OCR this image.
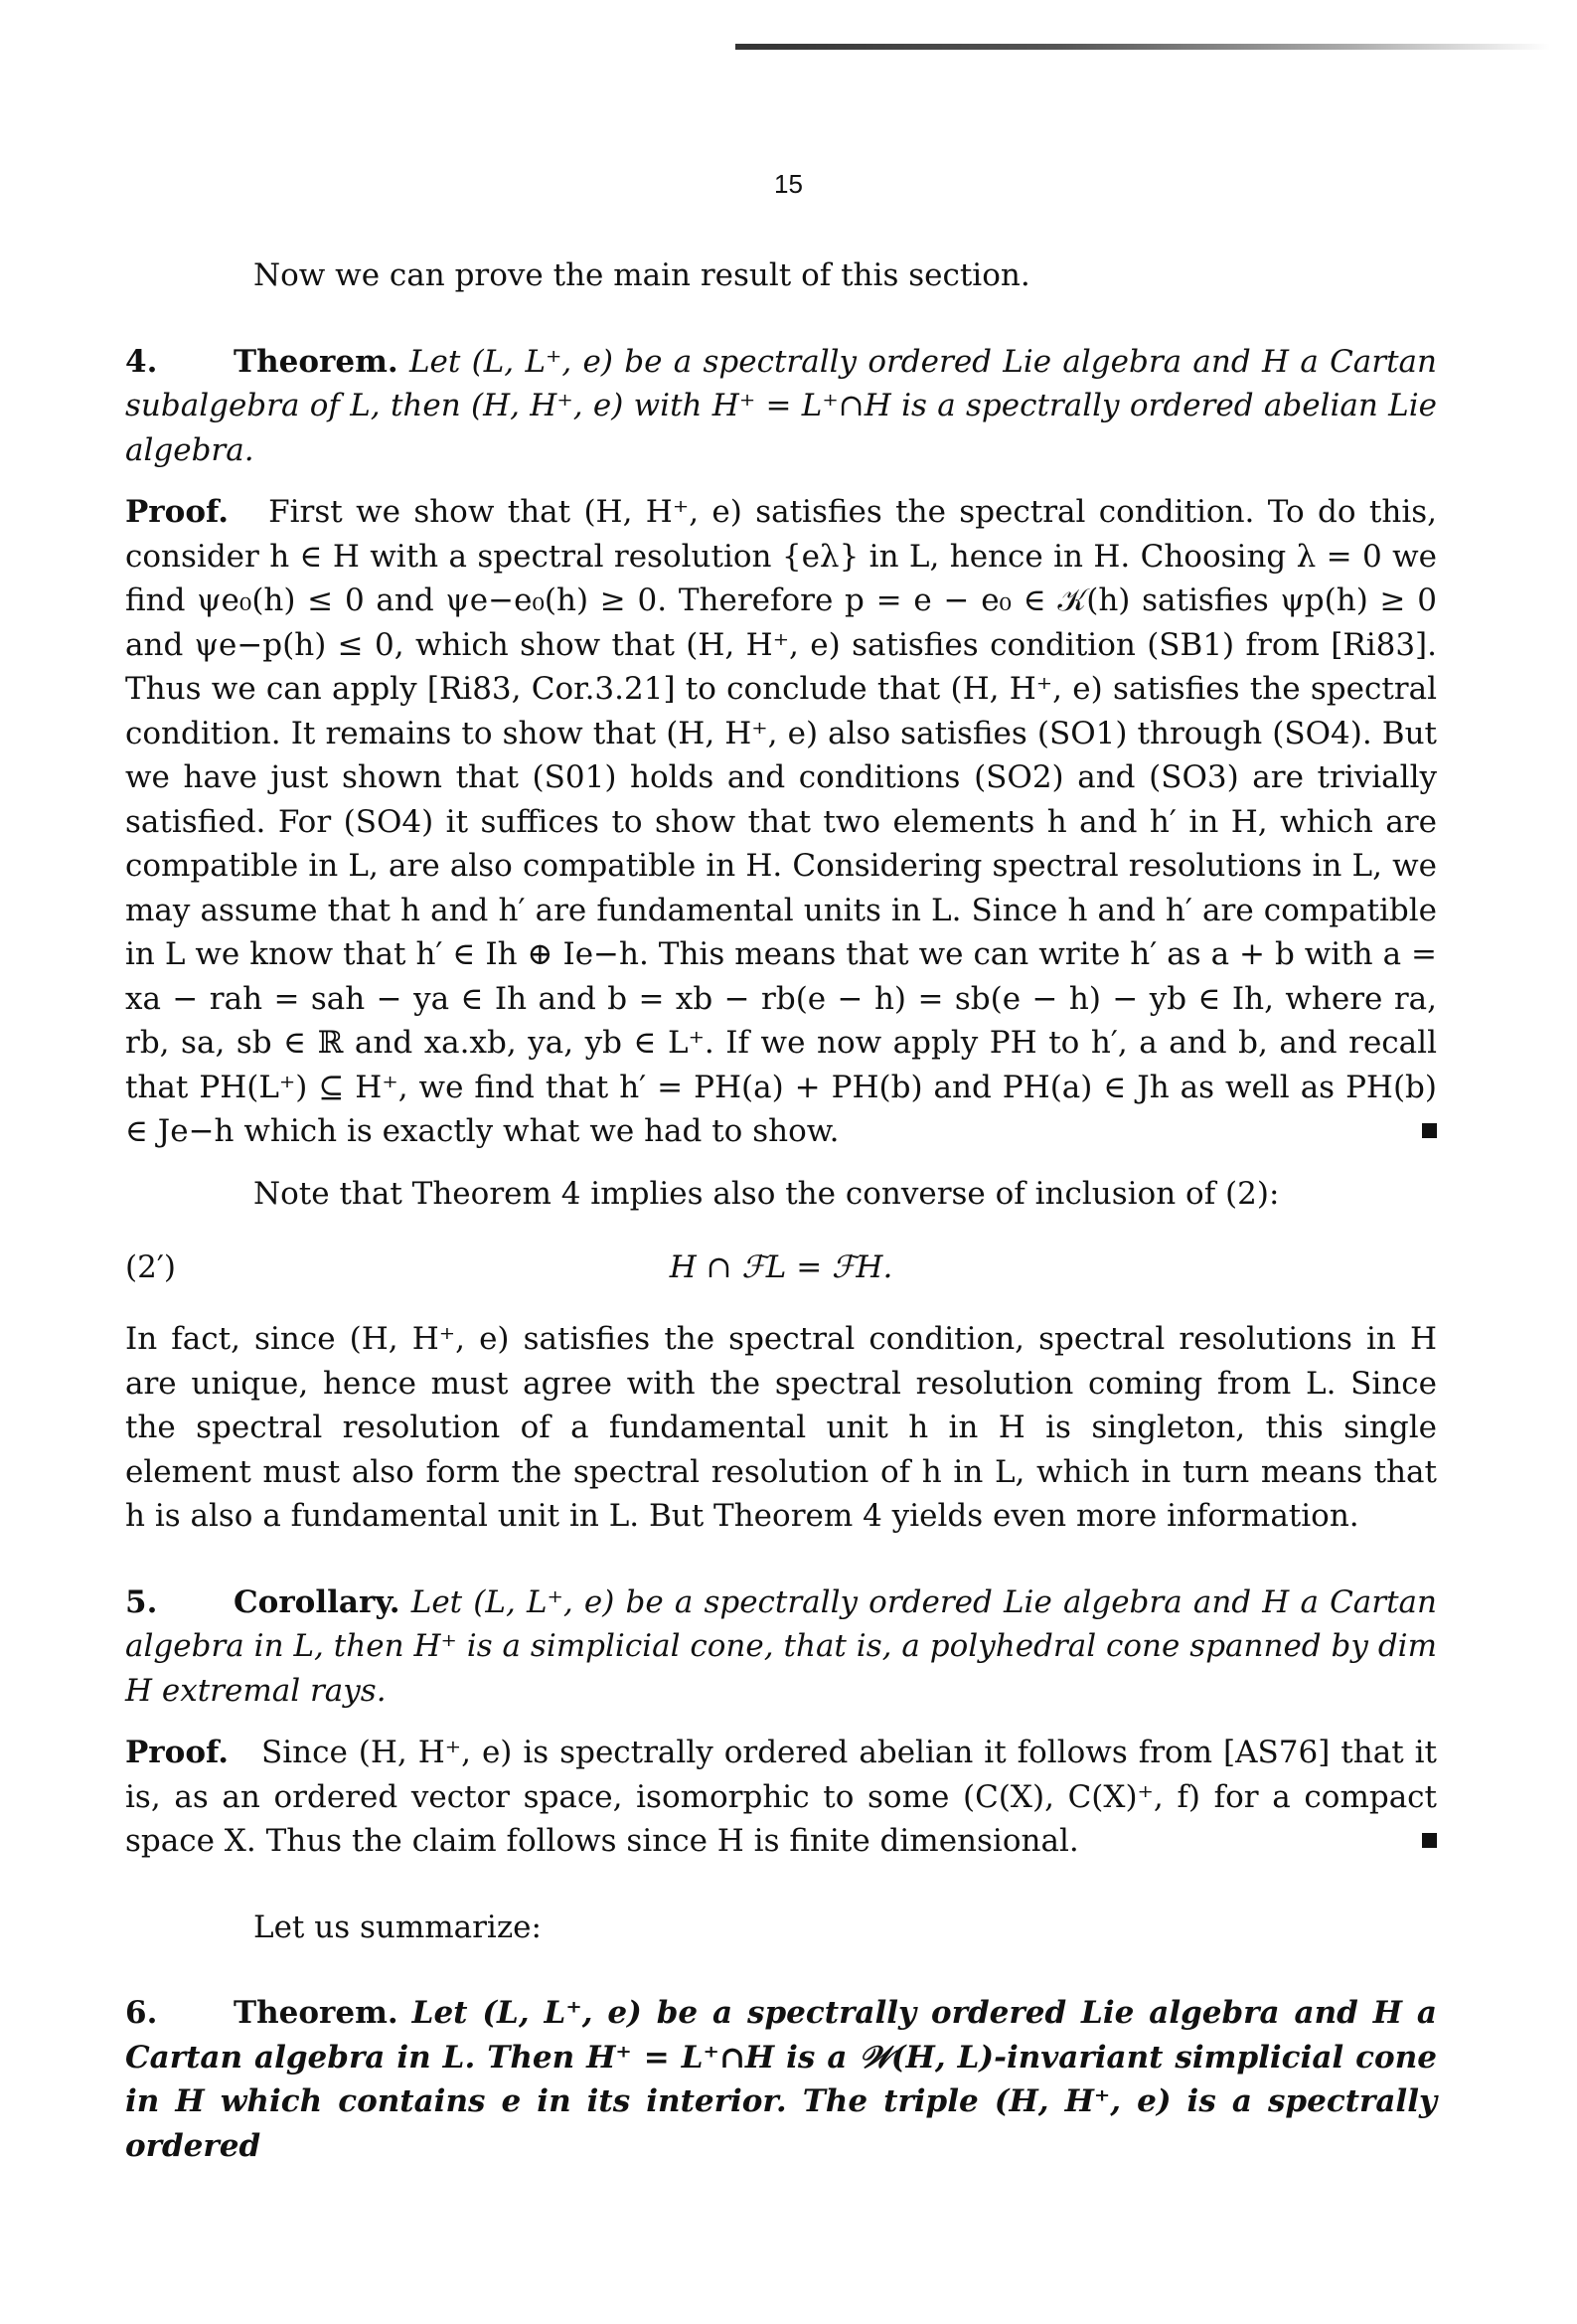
15

Now we can prove the main result of this section.

4. Theorem. Let (L, L⁺, e) be a spectrally ordered Lie algebra and H a Cartan subalgebra of L, then (H, H⁺, e) with H⁺ = L⁺∩H is a spectrally ordered abelian Lie algebra.

Proof. First we show that (H, H⁺, e) satisfies the spectral condition. To do this, consider h ∈ H with a spectral resolution {eλ} in L, hence in H. Choosing λ = 0 we find ψe₀(h) ≤ 0 and ψe−e₀(h) ≥ 0. Therefore p = e − e₀ ∈ 𝒦(h) satisfies ψp(h) ≥ 0 and ψe−p(h) ≤ 0, which show that (H, H⁺, e) satisfies condition (SB1) from [Ri83]. Thus we can apply [Ri83, Cor.3.21] to conclude that (H, H⁺, e) satisfies the spectral condition. It remains to show that (H, H⁺, e) also satisfies (SO1) through (SO4). But we have just shown that (S01) holds and conditions (SO2) and (SO3) are trivially satisfied. For (SO4) it suffices to show that two elements h and h′ in H, which are compatible in L, are also compatible in H. Considering spectral resolutions in L, we may assume that h and h′ are fundamental units in L. Since h and h′ are compatible in L we know that h′ ∈ Ih ⊕ Ie−h. This means that we can write h′ as a + b with a = xa − rah = sah − ya ∈ Ih and b = xb − rb(e − h) = sb(e − h) − yb ∈ Ih, where ra, rb, sa, sb ∈ ℝ and xa.xb, ya, yb ∈ L⁺. If we now apply PH to h′, a and b, and recall that PH(L⁺) ⊆ H⁺, we find that h′ = PH(a) + PH(b) and PH(a) ∈ Jh as well as PH(b) ∈ Je−h which is exactly what we had to show.

Note that Theorem 4 implies also the converse of inclusion of (2):

(2′)	H ∩ ℱL = ℱH.

In fact, since (H, H⁺, e) satisfies the spectral condition, spectral resolutions in H are unique, hence must agree with the spectral resolution coming from L. Since the spectral resolution of a fundamental unit h in H is singleton, this single element must also form the spectral resolution of h in L, which in turn means that h is also a fundamental unit in L. But Theorem 4 yields even more information.

5. Corollary. Let (L, L⁺, e) be a spectrally ordered Lie algebra and H a Cartan algebra in L, then H⁺ is a simplicial cone, that is, a polyhedral cone spanned by dim H extremal rays.

Proof. Since (H, H⁺, e) is spectrally ordered abelian it follows from [AS76] that it is, as an ordered vector space, isomorphic to some (C(X), C(X)⁺, f) for a compact space X. Thus the claim follows since H is finite dimensional.

Let us summarize:

6. Theorem. Let (L, L⁺, e) be a spectrally ordered Lie algebra and H a Cartan algebra in L. Then H⁺ = L⁺∩H is a 𝒲(H, L)-invariant simplicial cone in H which contains e in its interior. The triple (H, H⁺, e) is a spectrally ordered
